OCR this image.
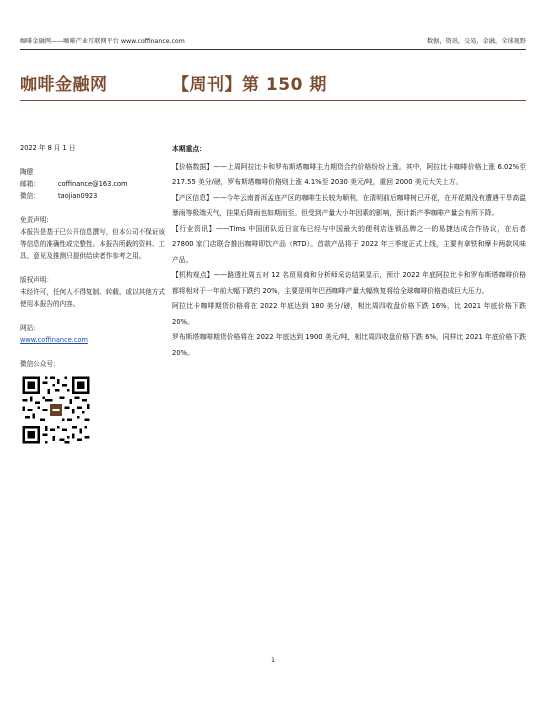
咖啡金融网——咖啡产业互联网平台 www.coffinance.com	数据，资讯，交易，金融，全球视野
咖啡金融网	【周刊】第 150 期

2022 年 8 月 1 日

陶健

邮箱：	coffinance@163.com
微信：	taojian0923

免责声明:

本报告是基于已公开信息撰写，但本公司不保证该等信息的准确性或完整性。本报告所载的资料、工具、意见及推测只提供给读者作参考之用。

版权声明：

未经许可，任何人不得复制、转载、或以其他方式使用本报告的内容。

网站:

www.coffinance.com

微信公众号：

本期重点：

【价格数据】——上周阿拉比卡和罗布斯塔咖啡主力期货合约价格纷纷上涨。其中，阿拉比卡咖啡价格上涨 6.02%至 217.55 美分/磅，罗布斯塔咖啡价格则上涨 4.1%至 2030 美元/吨，重回 2000 美元大关上方。

【产区信息】——今年云南普洱孟连产区的咖啡生长较为顺利，在清明前后咖啡树已开花，在开花期没有遭遇干旱高温暴雨等极端天气，挂果后降雨也如期而至。但受到产量大小年因素的影响，预计新产季咖啡产量会有所下降。

【行业资讯】——Tims 中国团队近日宣布已经与中国最大的便利店连锁品牌之一的易捷达成合作协议，在后者 27800 家门店联合推出咖啡即饮产品（RTD）。首款产品将于 2022 年三季度正式上线，主要有拿铁和摩卡两款风味产品。

【机构观点】——路透社周五对 12 名贸易商和分析师采访结果显示，预计 2022 年底阿拉比卡和罗布斯塔咖啡价格都将相对于一年前大幅下跌约 20%，主要是明年巴西咖啡产量大幅恢复将给全球咖啡价格造成巨大压力。

阿拉比卡咖啡期货价格将在 2022 年底达到 180 美分/磅，相比周四收盘价格下跌 16%，比 2021 年底价格下跌 20%。

罗布斯塔咖啡期货价格将在 2022 年底达到 1900 美元/吨，相比周四收盘价格下跌 6%，同样比 2021 年底价格下跌 20%。

1
